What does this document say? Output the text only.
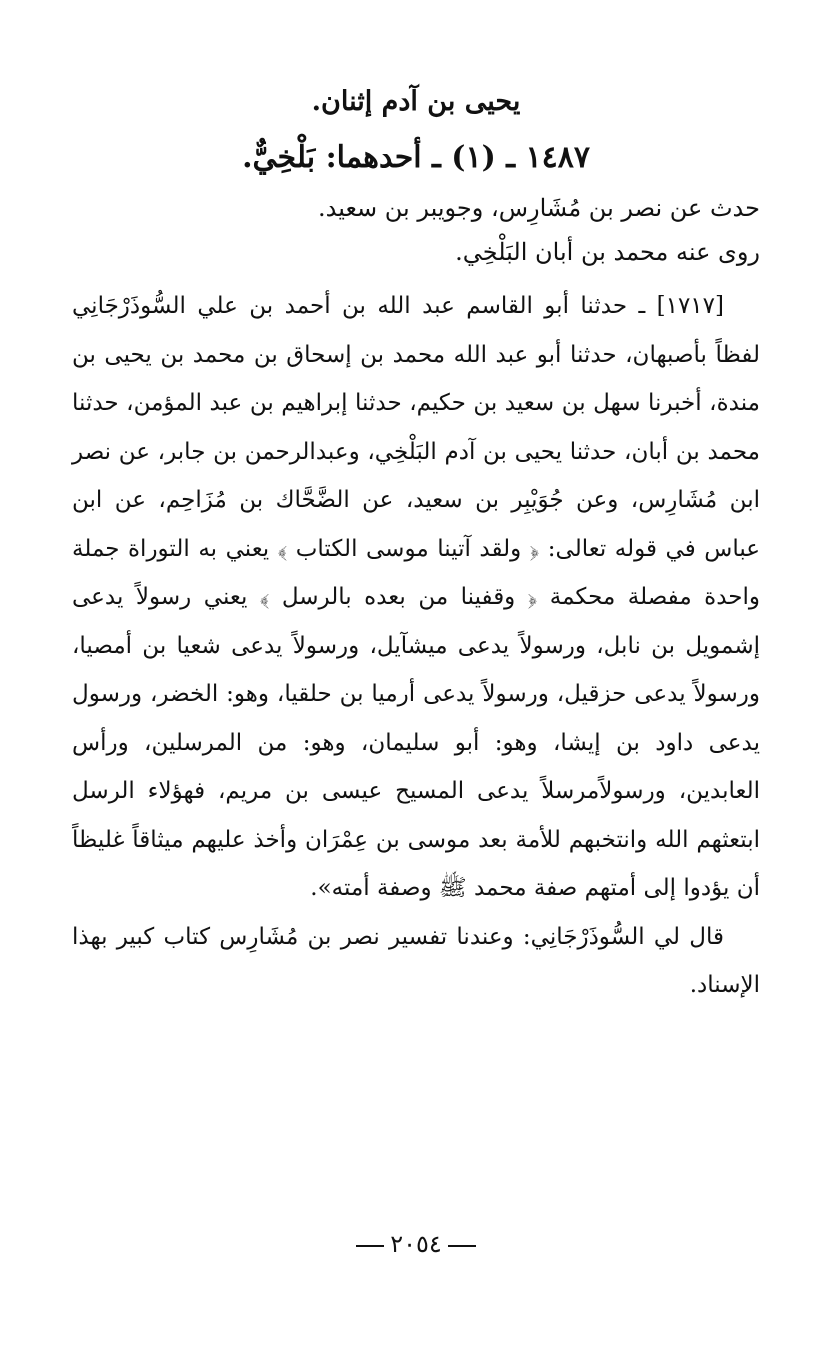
يحيى بن آدم إثنان.

١٤٨٧ ـ (١) ـ أحدهما: بَلْخِيٌّ.

حدث عن نصر بن مُشَارِس، وجويبر بن سعيد.

روى عنه محمد بن أبان البَلْخِي.

[١٧١٧] ـ حدثنا أبو القاسم عبد الله بن أحمد بن علي السُّوذَرْجَانِي لفظاً بأصبهان، حدثنا أبو عبد الله محمد بن إسحاق بن محمد بن يحيى بن مندة، أخبرنا سهل بن سعيد بن حكيم، حدثنا إبراهيم بن عبد المؤمن، حدثنا محمد بن أبان، حدثنا يحيى بن آدم البَلْخِي، وعبدالرحمن بن جابر، عن نصر ابن مُشَارِس، وعن جُوَيْبِر بن سعيد، عن الضَّحَّاك بن مُزَاحِم، عن ابن عباس في قوله تعالى: ﴿ ولقد آتينا موسى الكتاب ﴾ يعني به التوراة جملة واحدة مفصلة محكمة ﴿ وقفينا من بعده بالرسل ﴾ يعني رسولاً يدعى إشمويل بن نابل، ورسولاً يدعى ميشآيل، ورسولاً يدعى شعيا بن أمصيا، ورسولاً يدعى حزقيل، ورسولاً يدعى أرميا بن حلقيا، وهو: الخضر، ورسول يدعى داود بن إيشا، وهو: أبو سليمان، وهو: من المرسلين، ورأس العابدين، ورسولاًمرسلاً يدعى المسيح عيسى بن مريم، فهؤلاء الرسل ابتعثهم الله وانتخبهم للأمة بعد موسى بن عِمْرَان وأخذ عليهم ميثاقاً غليظاً أن يؤدوا إلى أمتهم صفة محمد ﷺ وصفة أمته».

قال لي السُّوذَرْجَانِي: وعندنا تفسير نصر بن مُشَارِس كتاب كبير بهذا الإسناد.

٢٠٥٤
